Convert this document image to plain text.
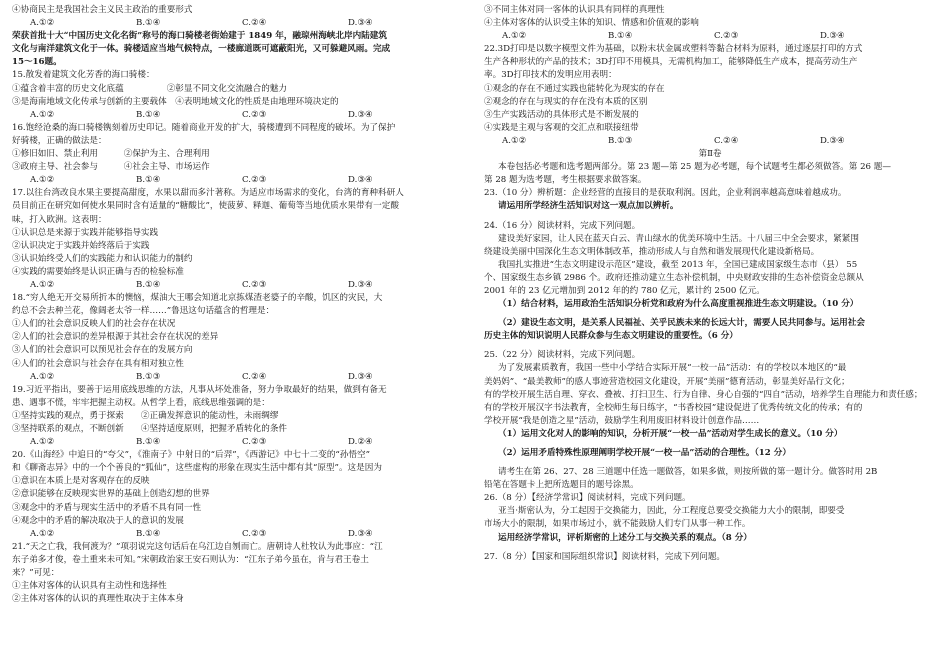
④协商民主是我国社会主义民主政治的重要形式
A.①②	B.①④	C.②④	D.③④
荣获首批十大“中国历史文化名街”称号的海口骑楼老街始建于 1849 年，融琼州海峡北岸内陆建筑
文化与南洋建筑文化于一体。骑楼适应当地气候特点，一楼廊道既可遮蔽阳光，又可躲避风雨。完成
15～16题。
15.散发着建筑文化芳香的海口骑楼：
①蕴含着丰富的历史文化底蕴　　　　　②彰显不同文化交流融合的魅力
③是海南地域文化传承与创新的主要载体　④表明地域文化的性质是由地理环境决定的
A.①②	B.①④	C.②③	D.③④
16.饱经沧桑的海口骑楼镌刻着历史印记。随着商业开发的扩大，骑楼遭到不同程度的破坏。为了保护
好骑楼，正确的做法是：
①修旧如旧、禁止利用　　　②保护为主、合理利用
③政府主导、社会参与　　　④社会主导、市场运作
A.①②	B.①④	C.②③	D.③④
17.以往台湾改良水果主要提高甜度，水果以甜而多汁著称。为适应市场需求的变化，台湾的育种科研人
员目前正在研究如何使水果同时含有适量的“糖酸比”，使菠萝、释迦、葡萄等当地优质水果带有一定酸
味，打入欧洲。这表明：
①认识总是来源于实践并能够指导实践
②认识决定于实践并始终落后于实践
③认识始终受人们的实践能力和认识能力的制约
④实践的需要始终是认识正确与否的检验标准
A.①②	B.①④	C.②③	D.③④
18.“穷人绝无开交易所折本的懊恼，煤油大王哪会知道北京拣煤渣老婆子的辛酸，饥区的灾民，大
约总不会去种兰花，像阔老太爷一样……”鲁迅这句话蕴含的哲理是：
①人们的社会意识反映人们的社会存在状况
②人们的社会意识的差异根源于其社会存在状况的差异
③人们的社会意识可以预见社会存在的发展方向
④人们的社会意识与社会存在具有相对独立性
A.①②	B.①③	C.②④	D.③④
19.习近平指出，要善于运用底线思维的方法，凡事从坏处准备，努力争取最好的结果，做到有备无
患、遇事不慌，牢牢把握主动权。从哲学上看，底线思维强调的是：
①坚持实践的观点，勇于探索　　②正确发挥意识的能动性，未雨绸缪
③坚持联系的观点，不断创新　　④坚持适度原则，把握矛盾转化的条件
A.①②	B.①④	C.②③	D.②④
20.《山海经》中追日的“夸父”，《淮南子》中射日的“后羿”，《西游记》中七十二变的“孙悟空”
和《聊斋志异》中的一个个善良的“狐仙”，这些虚构的形象在现实生活中都有其“原型”。这是因为
①意识在本质上是对客观存在的反映
②意识能够在反映现实世界的基础上创造幻想的世界
③观念中的矛盾与现实生活中的矛盾不具有同一性
④观念中的矛盾的解决取决于人的意识的发展
A.①②	B.①④	C.②③	D.③④
21.“天之亡我，我何渡为？”项羽说完这句话后在乌江边自刎而亡。唐朝诗人杜牧认为此事应：“江
东子弟多才俊，卷土重来未可知。”宋朝政治家王安石则认为：“江东子弟今虽在，肯与君王卷土
来？”可见：
①主体对客体的认识具有主动性和选择性
②主体对客体的认识的真理性取决于主体本身
③不同主体对同一客体的认识具有同样的真理性
④主体对客体的认识受主体的知识、情感和价值观的影响
A.①②	B.①④	C.②③	D.③④
22.3D打印是以数字模型文件为基础，以粉末状金属或塑料等黏合材料为原料，通过逐层打印的方式
生产各种形状的产品的技术；3D打印不用模具，无需机构加工，能够降低生产成本，提高劳动生产
率。3D打印技术的发明应用表明：
①观念的存在不通过实践也能转化为现实的存在
②观念的存在与现实的存在没有本质的区别
③生产实践活动的具体形式是不断发展的
④实践是主观与客观的交汇点和联接纽带
A.①②	B.①③	C.②④	D.③④
第Ⅱ卷
本卷包括必考题和选考题两部分。第 23 题—第 25 题为必考题，每个试题考生都必须做答。第 26 题—
第 28 题为选考题，考生根据要求做答案。
23.（10 分）辨析题：企业经营的直接目的是获取利润。因此，企业利润率越高意味着越成功。
请运用所学经济生活知识对这一观点加以辨析。
24.（16 分）阅读材料，完成下列问题。
建设美好家园，让人民在蓝天白云、青山绿水的优美环境中生活。十八届三中全会要求，紧紧围
绕建设美丽中国深化生态文明体制改革，推动形成人与自然和谐发展现代化建设新格局。
我国扎实推进“生态文明建设示范区”建设，截至 2013 年，全国已建成国家级生态市（县） 55
个、国家级生态乡镇 2986 个。政府还推动建立生态补偿机制，中央财政安排的生态补偿资金总额从
2001 年的 23 亿元增加到 2012 年的约 780 亿元，累计约 2500 亿元。
（1）结合材料，运用政治生活知识分析党和政府为什么高度重视推进生态文明建设。（10 分）
（2）建设生态文明，是关系人民福祉、关乎民族未来的长远大计，需要人民共同参与。运用社会
历史主体的知识说明人民群众参与生态文明建设的重要性。（6 分）
25.（22 分）阅读材料，完成下列问题。
为了发展素质教育，我国一些中小学结合实际开展“一校一品”活动：有的学校以本地区的“最
美妈妈”、“最美教师”的感人事迹营造校园文化建设，开展“美丽”德育活动，彰显美好品行文化；
有的学校开展生活自理、穿衣、叠被、打扫卫生、行为自律、身心自强的“四自”活动，培养学生自理能力和责任感；
有的学校开展汉字书法教育，全校师生每日练字，“书香校园”建设促进了优秀传统文化的传承；有的
学校开展“我是创造之星”活动，鼓励学生利用废旧材料设计创意作品……
（1）运用文化对人的影响的知识，分析开展“一校一品”活动对学生成长的意义。（10 分）
（2）运用矛盾特殊性原理阐明学校开展“一校一品”活动的合理性。（12 分）
请考生在第 26、27、28 三道题中任选一题做答，如果多做，则按所做的第一题计分。做答时用 2B
铅笔在答题卡上把所选题目的题号涂黑。
26.（8 分）【经济学常识】阅读材料，完成下列问题。
亚当·斯密认为，分工起因于交换能力，因此，分工程度总要受交换能力大小的限制，即要受
市场大小的限制，如果市场过小，就不能鼓励人们专门从事一种工作。
运用经济学常识，评析斯密的上述分工与交换关系的观点。（8 分）
27.（8 分）【国家和国际组织常识】阅读材料，完成下列问题。
